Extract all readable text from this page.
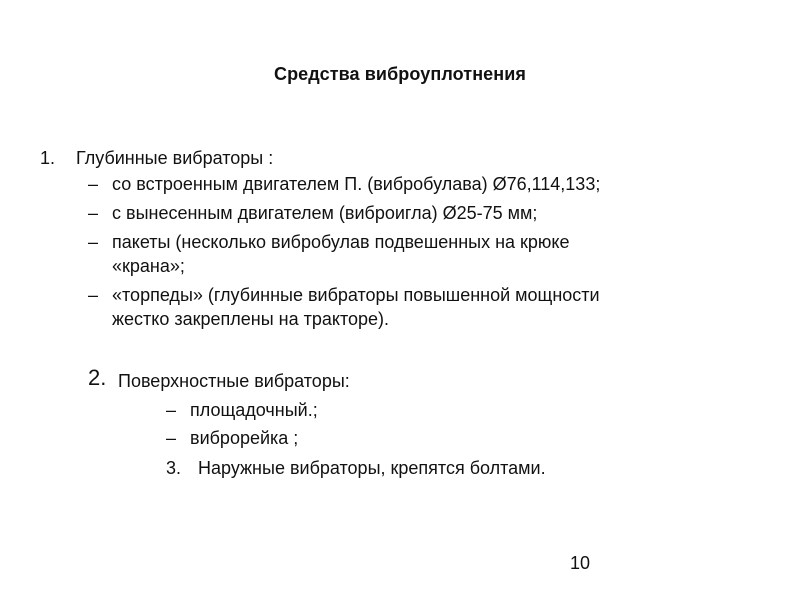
Средства виброуплотнения
1. Глубинные вибраторы :
– со встроенным двигателем П. (вибробулава) Ø76,114,133;
– с вынесенным двигателем (виброигла) Ø25-75 мм;
– пакеты (несколько вибробулав подвешенных на крюке
«крана»;
– «торпеды» (глубинные вибраторы повышенной мощности
жестко закреплены на тракторе).
2. Поверхностные вибраторы:
– площадочный.;
– виброрейка ;
3. Наружные вибраторы, крепятся болтами.
10
